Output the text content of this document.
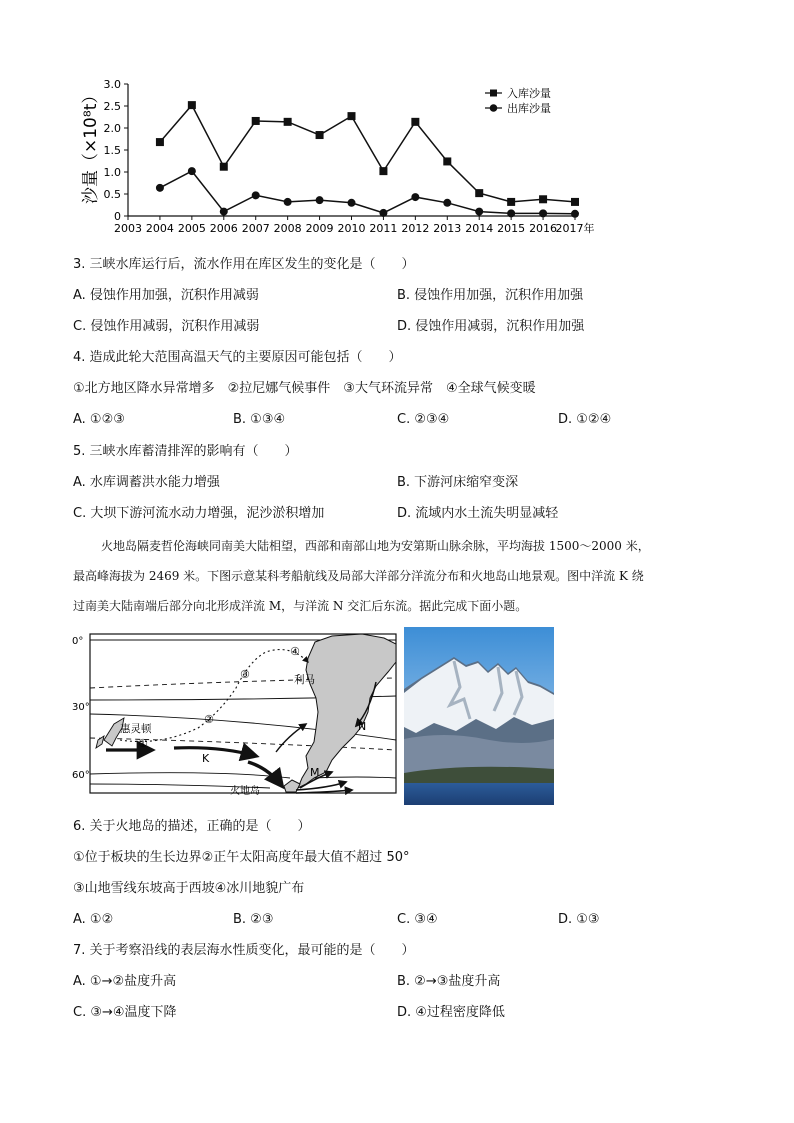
0
0.5
1.0
1.5
2.0
2.5
3.0
2003 2004 2005 2006 2007 2008 2009 2010 2011 2012 2013 2014 2015 2016
2017年
沙量（×10⁸t）	入库沙量
出库沙量
3. 三峡水库运行后，流水作用在库区发生的变化是（　　）
A. 侵蚀作用加强，沉积作用减弱	B. 侵蚀作用加强，沉积作用加强
C. 侵蚀作用减弱，沉积作用减弱	D. 侵蚀作用减弱，沉积作用加强
4. 造成此轮大范围高温天气的主要原因可能包括（　　）
①北方地区降水异常增多　②拉尼娜气候事件　③大气环流异常　④全球气候变暖
A. ①②③	B. ①③④	C. ②③④	D. ①②④
5. 三峡水库蓄清排浑的影响有（　　）
A. 水库调蓄洪水能力增强	B. 下游河床缩窄变深
C. 大坝下游河流水动力增强，泥沙淤积增加	D. 流域内水土流失明显减轻
火地岛隔麦哲伦海峡同南美大陆相望，西部和南部山地为安第斯山脉余脉，平均海拔 1500～2000 米，
最高峰海拔为 2469 米。下图示意某科考船航线及局部大洋部分洋流分布和火地岛山地景观。图中洋流 K 绕
过南美大陆南端后部分向北形成洋流 M，与洋流 N 交汇后东流。据此完成下面小题。
0°
30°
60°
①
②
③
④
惠灵顿
利马
火地岛
K
M
N
6. 关于火地岛的描述，正确的是（　　）
①位于板块的生长边界②正午太阳高度年最大值不超过 50°
③山地雪线东坡高于西坡④冰川地貌广布
A. ①②	B. ②③	C. ③④	D. ①③
7. 关于考察沿线的表层海水性质变化，最可能的是（　　）
A. ①→②盐度升高	B. ②→③盐度升高
C. ③→④温度下降	D. ④过程密度降低
